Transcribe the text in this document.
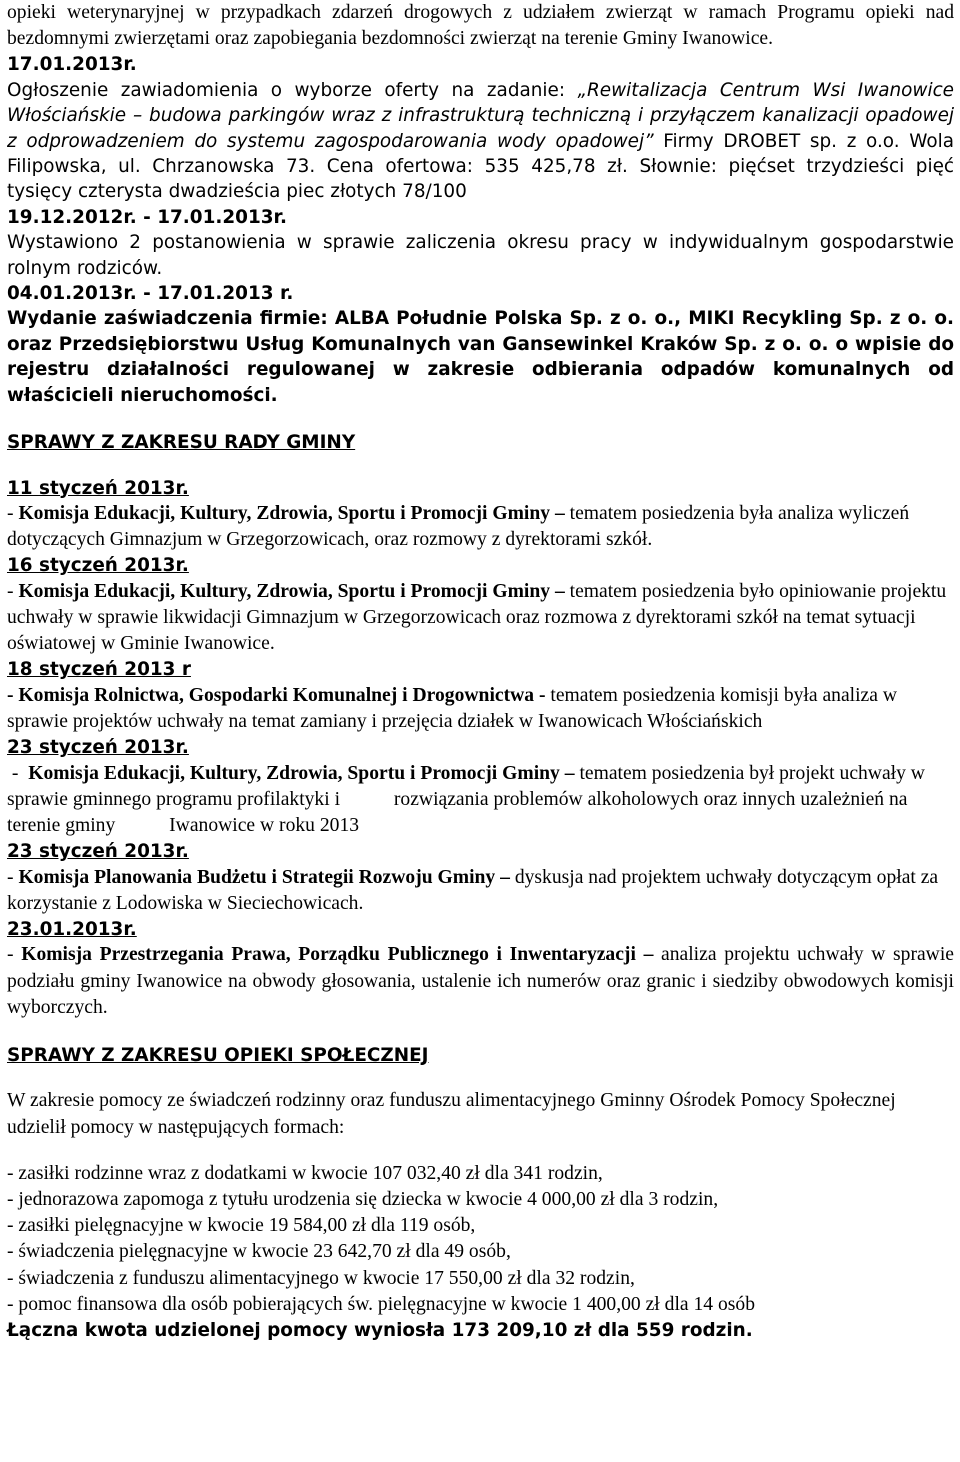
opieki weterynaryjnej w przypadkach zdarzeń drogowych z udziałem zwierząt w ramach Programu opieki nad bezdomnymi zwierzętami oraz zapobiegania bezdomności zwierząt na terenie Gminy Iwanowice.

17.01.2013r.

Ogłoszenie zawiadomienia o wyborze oferty na zadanie: „Rewitalizacja Centrum Wsi Iwanowice Włościańskie – budowa parkingów wraz z infrastrukturą techniczną i przyłączem kanalizacji opadowej z odprowadzeniem do systemu zagospodarowania wody opadowej” Firmy DROBET sp. z o.o. Wola Filipowska, ul. Chrzanowska 73. Cena ofertowa: 535 425,78 zł. Słownie: pięćset trzydzieści pięć tysięcy czterysta dwadzieścia piec złotych 78/100

19.12.2012r. - 17.01.2013r.

Wystawiono 2 postanowienia w sprawie zaliczenia okresu pracy w indywidualnym gospodarstwie rolnym rodziców.

04.01.2013r. - 17.01.2013 r.

Wydanie zaświadczenia firmie: ALBA Południe Polska Sp. z o. o., MIKI Recykling Sp. z o. o. oraz Przedsiębiorstwu Usług Komunalnych van Gansewinkel Kraków Sp. z o. o. o wpisie do rejestru działalności regulowanej w zakresie odbierania odpadów komunalnych od właścicieli nieruchomości.

SPRAWY Z ZAKRESU RADY GMINY

11 styczeń 2013r.

- Komisja Edukacji, Kultury, Zdrowia, Sportu i Promocji Gminy – tematem posiedzenia była analiza wyliczeń dotyczących Gimnazjum w Grzegorzowicach, oraz rozmowy z dyrektorami szkół.

16 styczeń 2013r.

- Komisja Edukacji, Kultury, Zdrowia, Sportu i Promocji Gminy – tematem posiedzenia było opiniowanie projektu uchwały w sprawie likwidacji Gimnazjum w Grzegorzowicach oraz rozmowa z dyrektorami szkół na temat sytuacji oświatowej w Gminie Iwanowice.

18 styczeń 2013 r

- Komisja Rolnictwa, Gospodarki Komunalnej i Drogownictwa - tematem posiedzenia komisji była analiza w sprawie projektów uchwały na temat zamiany i przejęcia działek w Iwanowicach Włościańskich

23 styczeń 2013r.

-  Komisja Edukacji, Kultury, Zdrowia, Sportu i Promocji Gminy – tematem posiedzenia był projekt uchwały w sprawie gminnego programu profilaktyki i           rozwiązania problemów alkoholowych oraz innych uzależnień na terenie gminy           Iwanowice w roku 2013

23 styczeń 2013r.

- Komisja Planowania Budżetu i Strategii Rozwoju Gminy – dyskusja nad projektem uchwały dotyczącym opłat za korzystanie z Lodowiska w Sieciechowicach.

23.01.2013r.

- Komisja Przestrzegania Prawa, Porządku Publicznego i Inwentaryzacji – analiza projektu uchwały w sprawie podziału gminy Iwanowice na obwody głosowania, ustalenie ich numerów oraz granic i siedziby obwodowych komisji wyborczych.

SPRAWY Z ZAKRESU OPIEKI SPOŁECZNEJ

W zakresie pomocy ze świadczeń rodzinny oraz funduszu alimentacyjnego Gminny Ośrodek Pomocy Społecznej udzielił pomocy w następujących formach:

- zasiłki rodzinne wraz z dodatkami w kwocie 107 032,40 zł dla 341 rodzin,

- jednorazowa zapomoga z tytułu urodzenia się dziecka w kwocie 4 000,00 zł dla 3 rodzin,

- zasiłki pielęgnacyjne w kwocie 19 584,00 zł dla 119 osób,

- świadczenia pielęgnacyjne w kwocie 23 642,70 zł dla 49 osób,

- świadczenia z funduszu alimentacyjnego w kwocie 17 550,00 zł dla 32 rodzin,

- pomoc finansowa dla osób pobierających św. pielęgnacyjne w kwocie 1 400,00 zł dla 14 osób

Łączna kwota udzielonej pomocy wyniosła 173 209,10 zł dla 559 rodzin.
